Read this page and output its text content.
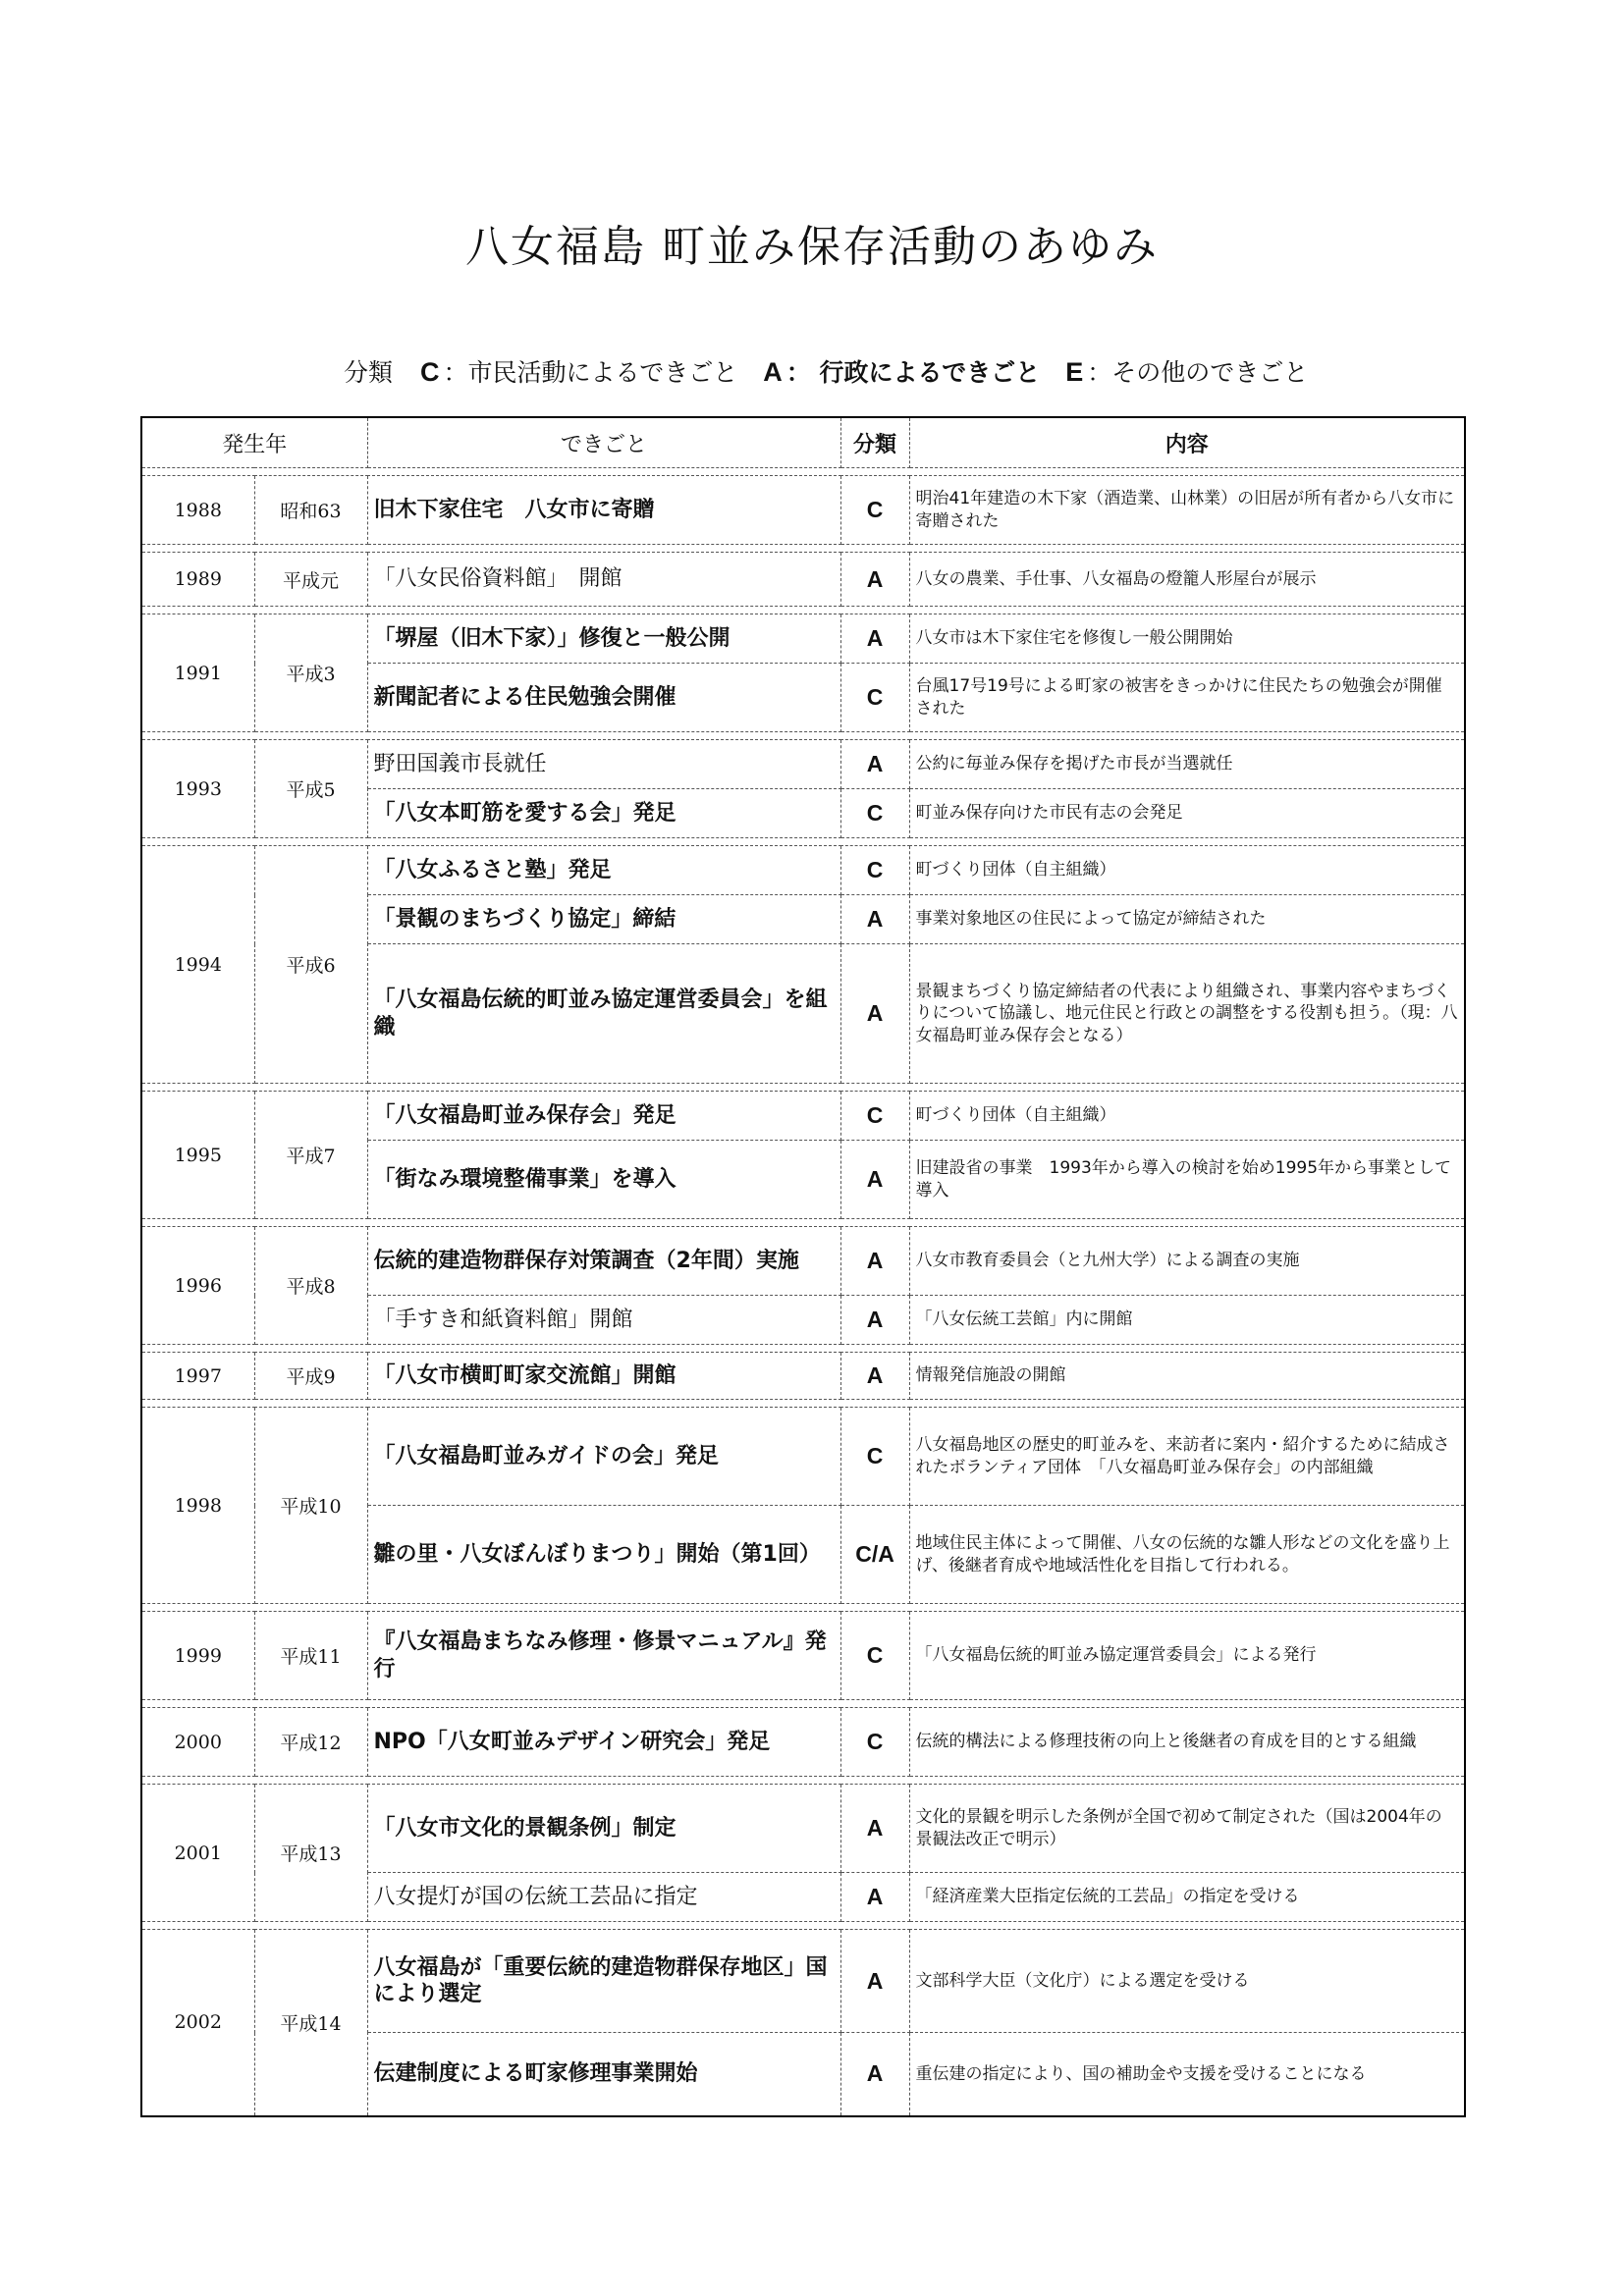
八女福島 町並み保存活動のあゆみ
分類 C ：市民活動によるできごと A ： 行政によるできごと E ：その他のできごと
発生年		できごと	分類	内容

1988	昭和63	旧木下家住宅　八女市に寄贈	C	明治41年建造の木下家（酒造業、山林業）の旧居が所有者から八女市に寄贈された

1989	平成元	「八女民俗資料館」　開館	A	八女の農業、手仕事、八女福島の燈籠人形屋台が展示

1991	平成3	「堺屋（旧木下家）」修復と一般公開	A	八女市は木下家住宅を修復し一般公開開始
		新聞記者による住民勉強会開催	C	台風17号19号による町家の被害をきっかけに住民たちの勉強会が開催された

1993	平成5	野田国義市長就任	A	公約に毎並み保存を掲げた市長が当選就任
		「八女本町筋を愛する会」発足	C	町並み保存向けた市民有志の会発足

1994	平成6	「八女ふるさと塾」発足	C	町づくり団体（自主組織）
		「景観のまちづくり協定」締結	A	事業対象地区の住民によって協定が締結された
		「八女福島伝統的町並み協定運営委員会」を組織	A	景観まちづくり協定締結者の代表により組織され、事業内容やまちづくりについて協議し、地元住民と行政との調整をする役割も担う。（現：八女福島町並み保存会となる）

1995	平成7	「八女福島町並み保存会」発足	C	町づくり団体（自主組織）
		「街なみ環境整備事業」を導入	A	旧建設省の事業　1993年から導入の検討を始め1995年から事業として導入

1996	平成8	伝統的建造物群保存対策調査（2年間）実施	A	八女市教育委員会（と九州大学）による調査の実施
		「手すき和紙資料館」開館	A	「八女伝統工芸館」内に開館

1997	平成9	「八女市横町町家交流館」開館	A	情報発信施設の開館

1998	平成10	「八女福島町並みガイドの会」発足	C	八女福島地区の歴史的町並みを、来訪者に案内・紹介するために結成されたボランティア団体　「八女福島町並み保存会」の内部組織
		雛の里・八女ぼんぼりまつり」開始（第1回）	C/A	地域住民主体によって開催、八女の伝統的な雛人形などの文化を盛り上げ、後継者育成や地域活性化を目指して行われる。

1999	平成11	『八女福島まちなみ修理・修景マニュアル』発行	C	「八女福島伝統的町並み協定運営委員会」による発行

2000	平成12	NPO「八女町並みデザイン研究会」発足	C	伝統的構法による修理技術の向上と後継者の育成を目的とする組織

2001	平成13	「八女市文化的景観条例」制定	A	文化的景観を明示した条例が全国で初めて制定された（国は2004年の景観法改正で明示）
		八女提灯が国の伝統工芸品に指定	A	「経済産業大臣指定伝統的工芸品」の指定を受ける

2002	平成14	八女福島が「重要伝統的建造物群保存地区」国により選定	A	文部科学大臣（文化庁）による選定を受ける
		伝建制度による町家修理事業開始	A	重伝建の指定により、国の補助金や支援を受けることになる
